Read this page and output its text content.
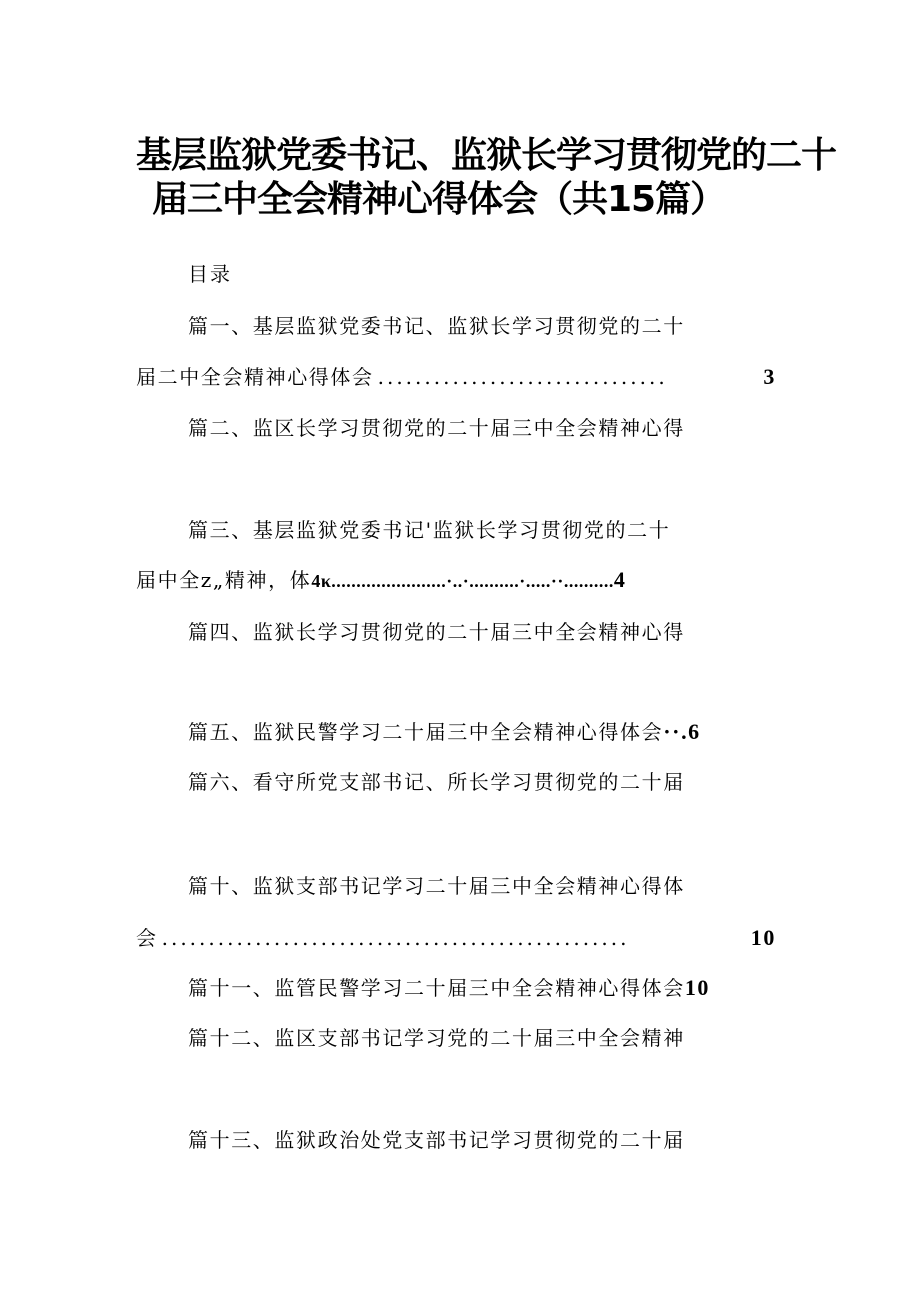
基层监狱党委书记、监狱长学习贯彻党的二十
届三中全会精神心得体会（共15篇）
目录
篇一、基层监狱党委书记、监狱长学习贯彻党的二十
届二中全会精神心得体会 ...............................	3
篇二、监区长学习贯彻党的二十届三中全会精神心得
篇三、基层监狱党委书记'监狱长学习贯彻党的二十
届中全z„精神，体4κ.......................·..·..........·.....··..........4
篇四、监狱长学习贯彻党的二十届三中全会精神心得
篇五、监狱民警学习二十届三中全会精神心得体会··.6
篇六、看守所党支部书记、所长学习贯彻党的二十届
篇十、监狱支部书记学习二十届三中全会精神心得体
会 ..................................................	10
篇十一、监管民警学习二十届三中全会精神心得体会10
篇十二、监区支部书记学习党的二十届三中全会精神
篇十三、监狱政治处党支部书记学习贯彻党的二十届
